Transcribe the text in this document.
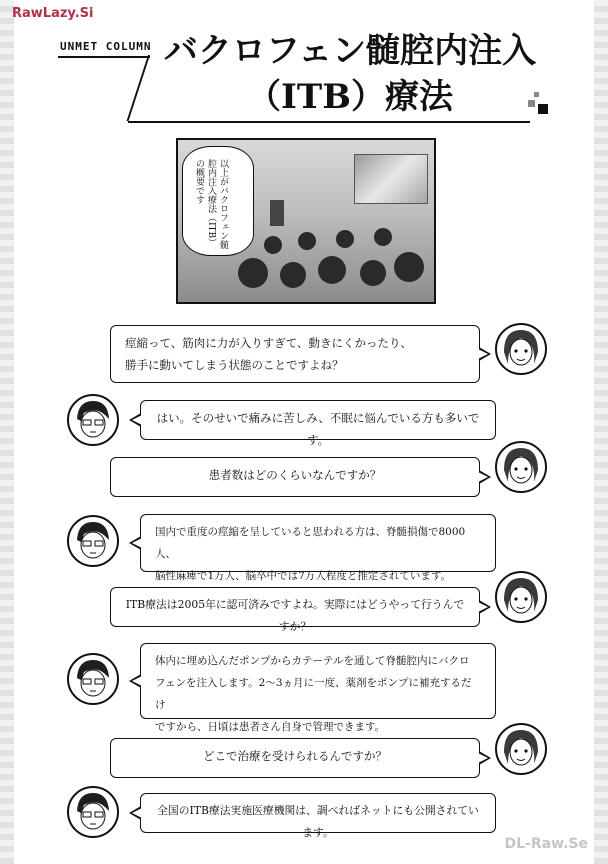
RawLazy.Si
UNMET COLUMN バクロフェン髄腔内注入
（ITB）療法
以上がバクロフェン髄腔内注入療法（ITB）の概要です

痙縮って、筋肉に力が入りすぎて、動きにくかったり、

勝手に動いてしまう状態のことですよね？

はい。そのせいで痛みに苦しみ、不眠に悩んでいる方も多いです。

患者数はどのくらいなんですか？

国内で重度の痙縮を呈していると思われる方は、脊髄損傷で8000人、

脳性麻痺で1万人、脳卒中では7万人程度と推定されています。

ITB療法は2005年に認可済みですよね。実際にはどうやって行うんですか？

体内に埋め込んだポンプからカテーテルを通して脊髄腔内にバクロ

フェンを注入します。2～3ヵ月に一度、薬剤をポンプに補充するだけ

ですから、日頃は患者さん自身で管理できます。

どこで治療を受けられるんですか？

全国のITB療法実施医療機関は、調べればネットにも公開されています。

DL-Raw.Se
